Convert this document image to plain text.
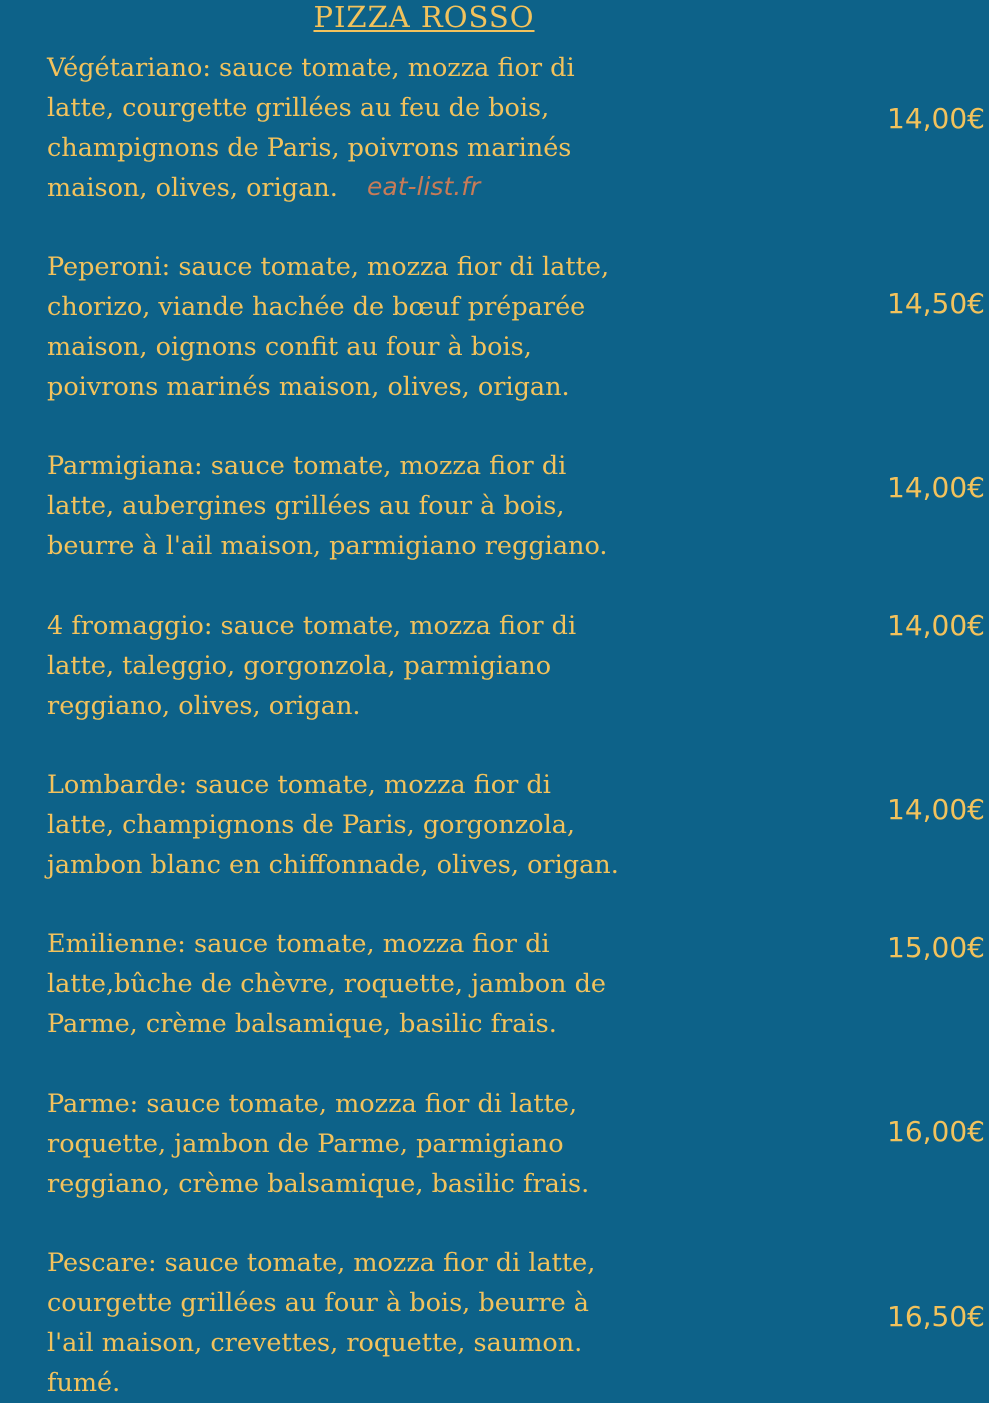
PIZZA ROSSO
Végétariano: sauce tomate, mozza fior di
latte, courgette grillées au feu de bois,
champignons de Paris, poivrons marinés
maison, olives, origan.
14,00€
eat-list.fr
Peperoni: sauce tomate, mozza fior di latte,
chorizo, viande hachée de bœuf préparée
maison, oignons confit au four à bois,
poivrons marinés maison, olives, origan.
14,50€
Parmigiana: sauce tomate, mozza fior di
latte, aubergines grillées au four à bois,
beurre à l'ail maison, parmigiano reggiano.
14,00€
4 fromaggio: sauce tomate, mozza fior di
latte, taleggio, gorgonzola, parmigiano
reggiano, olives, origan.
14,00€
Lombarde: sauce tomate, mozza fior di
latte, champignons de Paris, gorgonzola,
jambon blanc en chiffonnade, olives, origan.
14,00€
Emilienne: sauce tomate, mozza fior di
latte,bûche de chèvre, roquette, jambon de
Parme, crème balsamique, basilic frais.
15,00€
Parme: sauce tomate, mozza fior di latte,
roquette, jambon de Parme, parmigiano
reggiano, crème balsamique, basilic frais.
16,00€
Pescare: sauce tomate, mozza fior di latte,
courgette grillées au four à bois, beurre à
l'ail maison, crevettes, roquette, saumon.
fumé.
16,50€
